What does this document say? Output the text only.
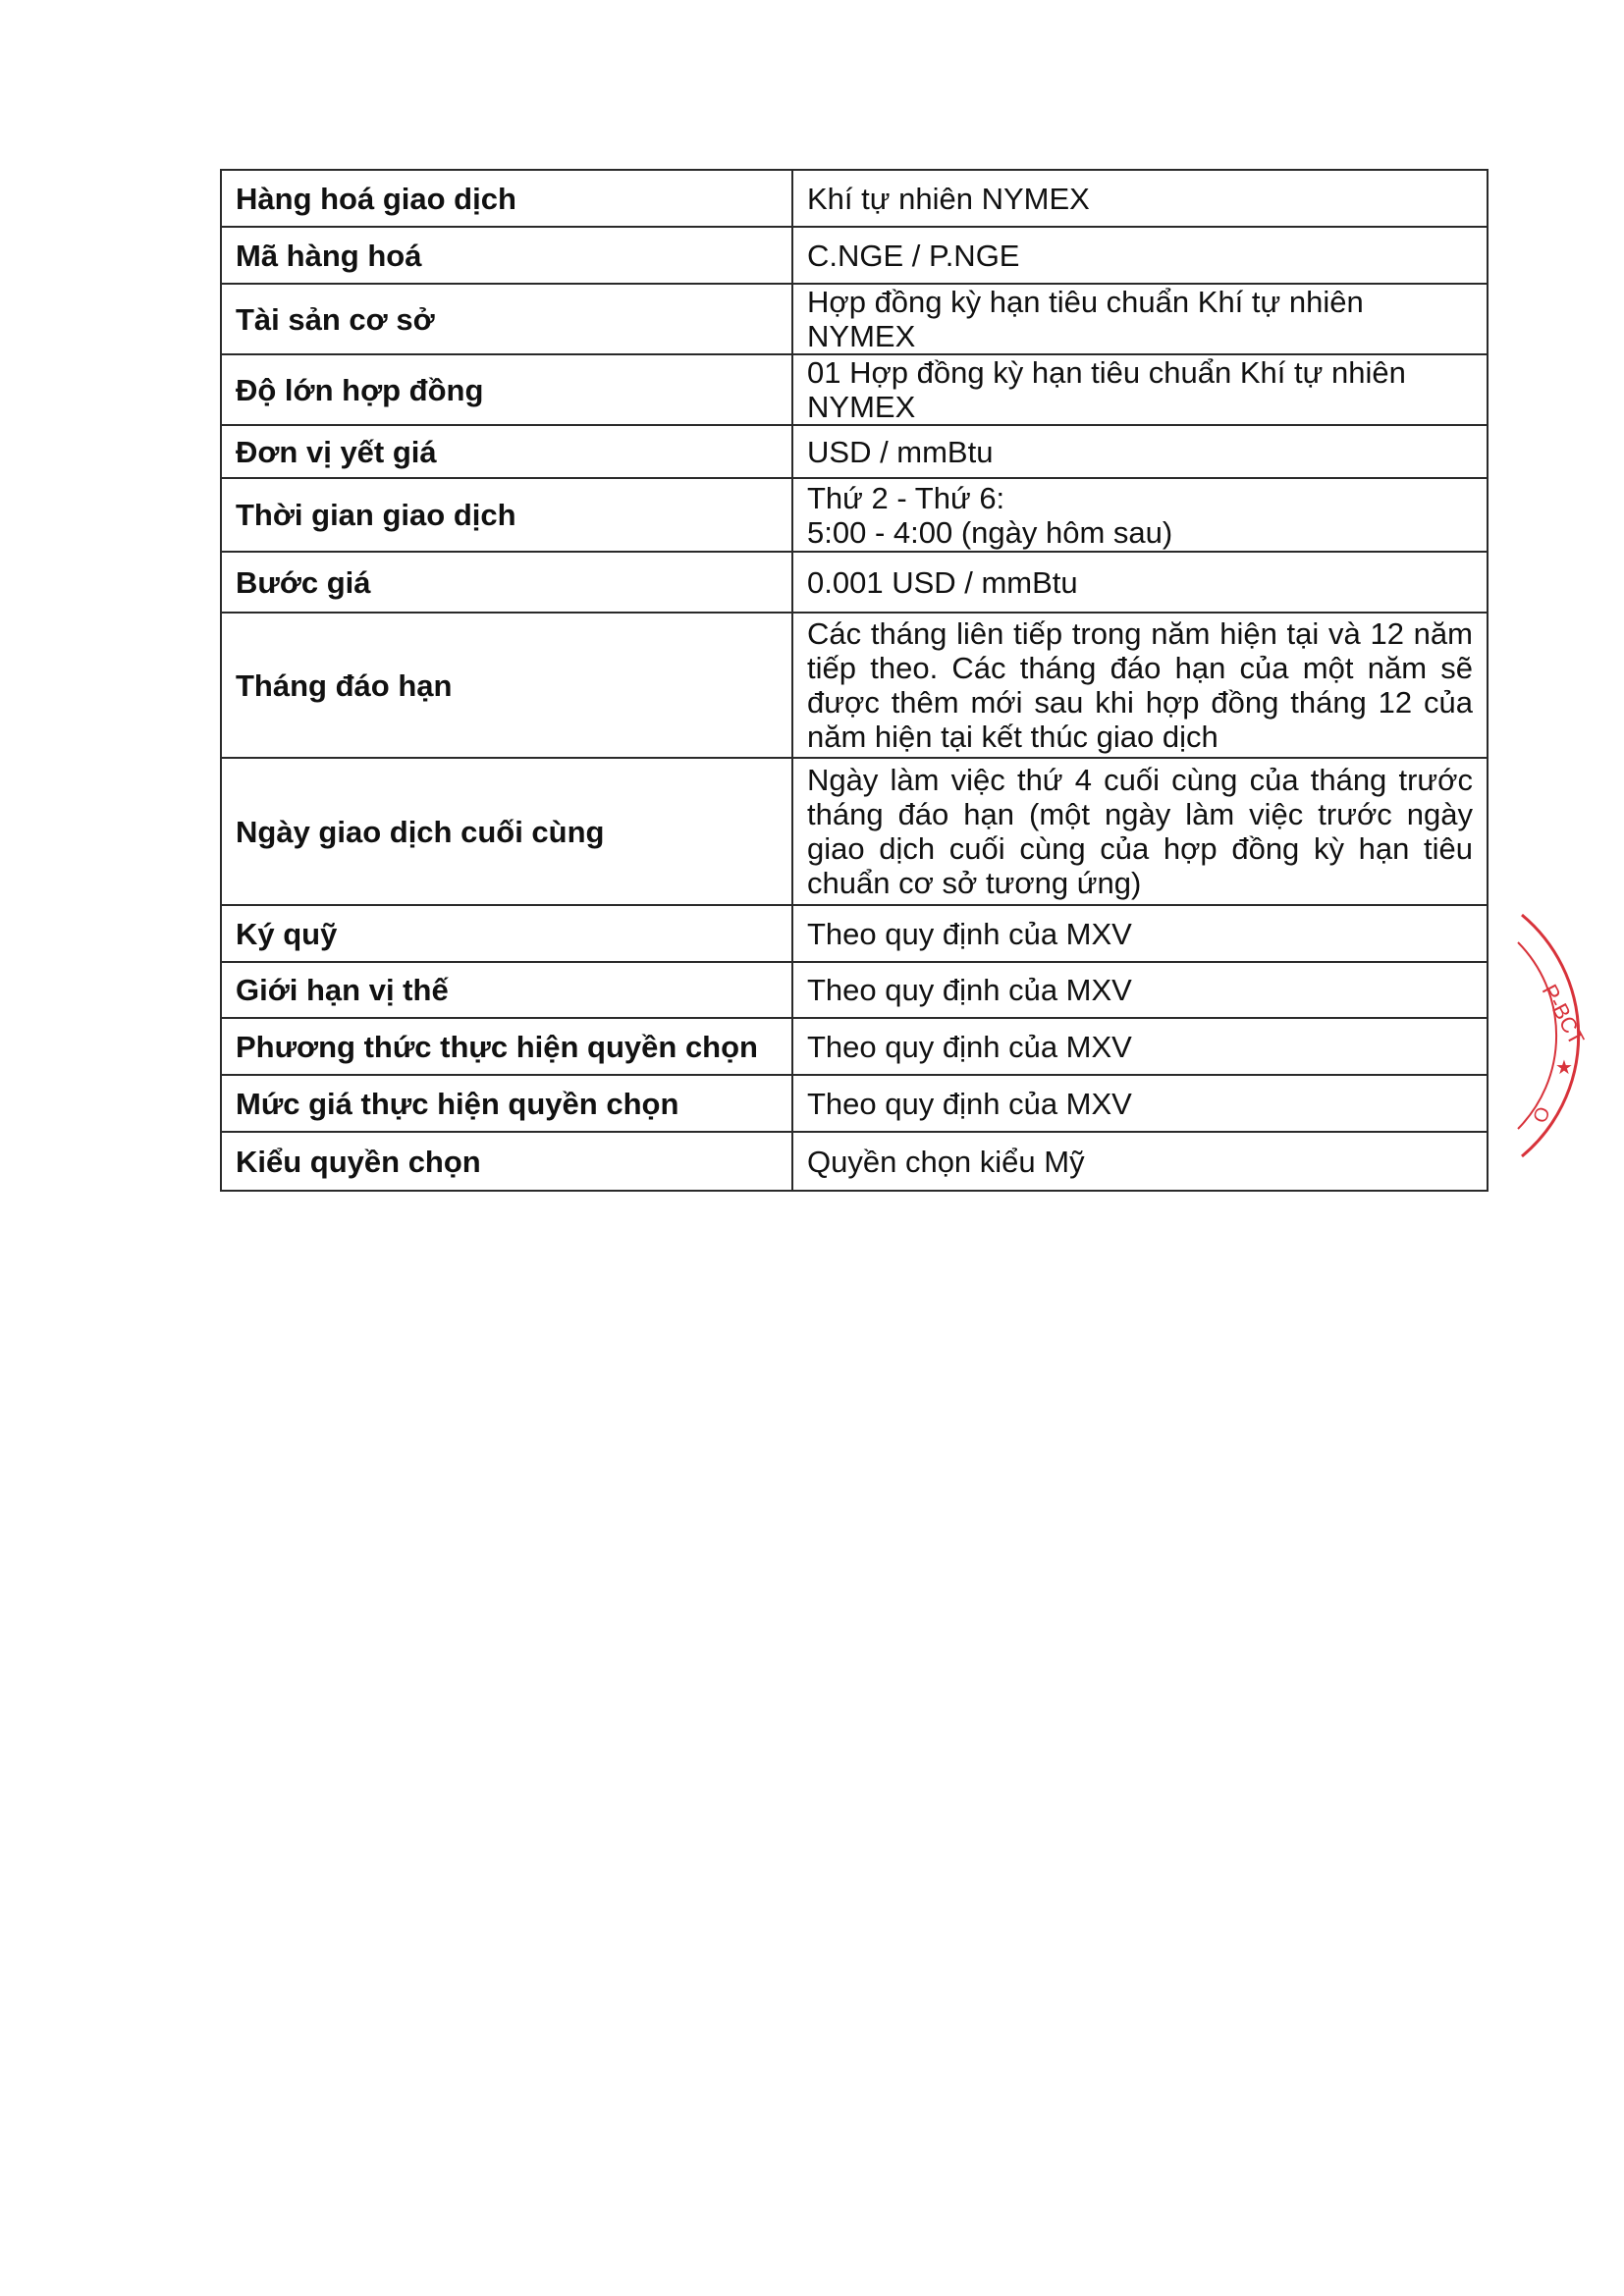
Hàng hoá giao dịch	Khí tự nhiên NYMEX
Mã hàng hoá	C.NGE / P.NGE
Tài sản cơ sở	Hợp đồng kỳ hạn tiêu chuẩn Khí tự nhiên NYMEX
Độ lớn hợp đồng	01 Hợp đồng kỳ hạn tiêu chuẩn Khí tự nhiên NYMEX
Đơn vị yết giá	USD / mmBtu
Thời gian giao dịch	Thứ 2 - Thứ 6:
5:00 - 4:00 (ngày hôm sau)

Bước giá	0.001 USD / mmBtu
Tháng đáo hạn	Các tháng liên tiếp trong năm hiện tại và 12 năm tiếp theo. Các tháng đáo hạn của một năm sẽ được thêm mới sau khi hợp đồng tháng 12 của năm hiện tại kết thúc giao dịch
Ngày giao dịch cuối cùng	Ngày làm việc thứ 4 cuối cùng của tháng trước tháng đáo hạn (một ngày làm việc trước ngày giao dịch cuối cùng của hợp đồng kỳ hạn tiêu chuẩn cơ sở tương ứng)
Ký quỹ	Theo quy định của MXV
Giới hạn vị thế	Theo quy định của MXV
Phương thức thực hiện quyền chọn	Theo quy định của MXV
Mức giá thực hiện quyền chọn	Theo quy định của MXV
Kiểu quyền chọn	Quyền chọn kiểu Mỹ
P-BCT
★
O
